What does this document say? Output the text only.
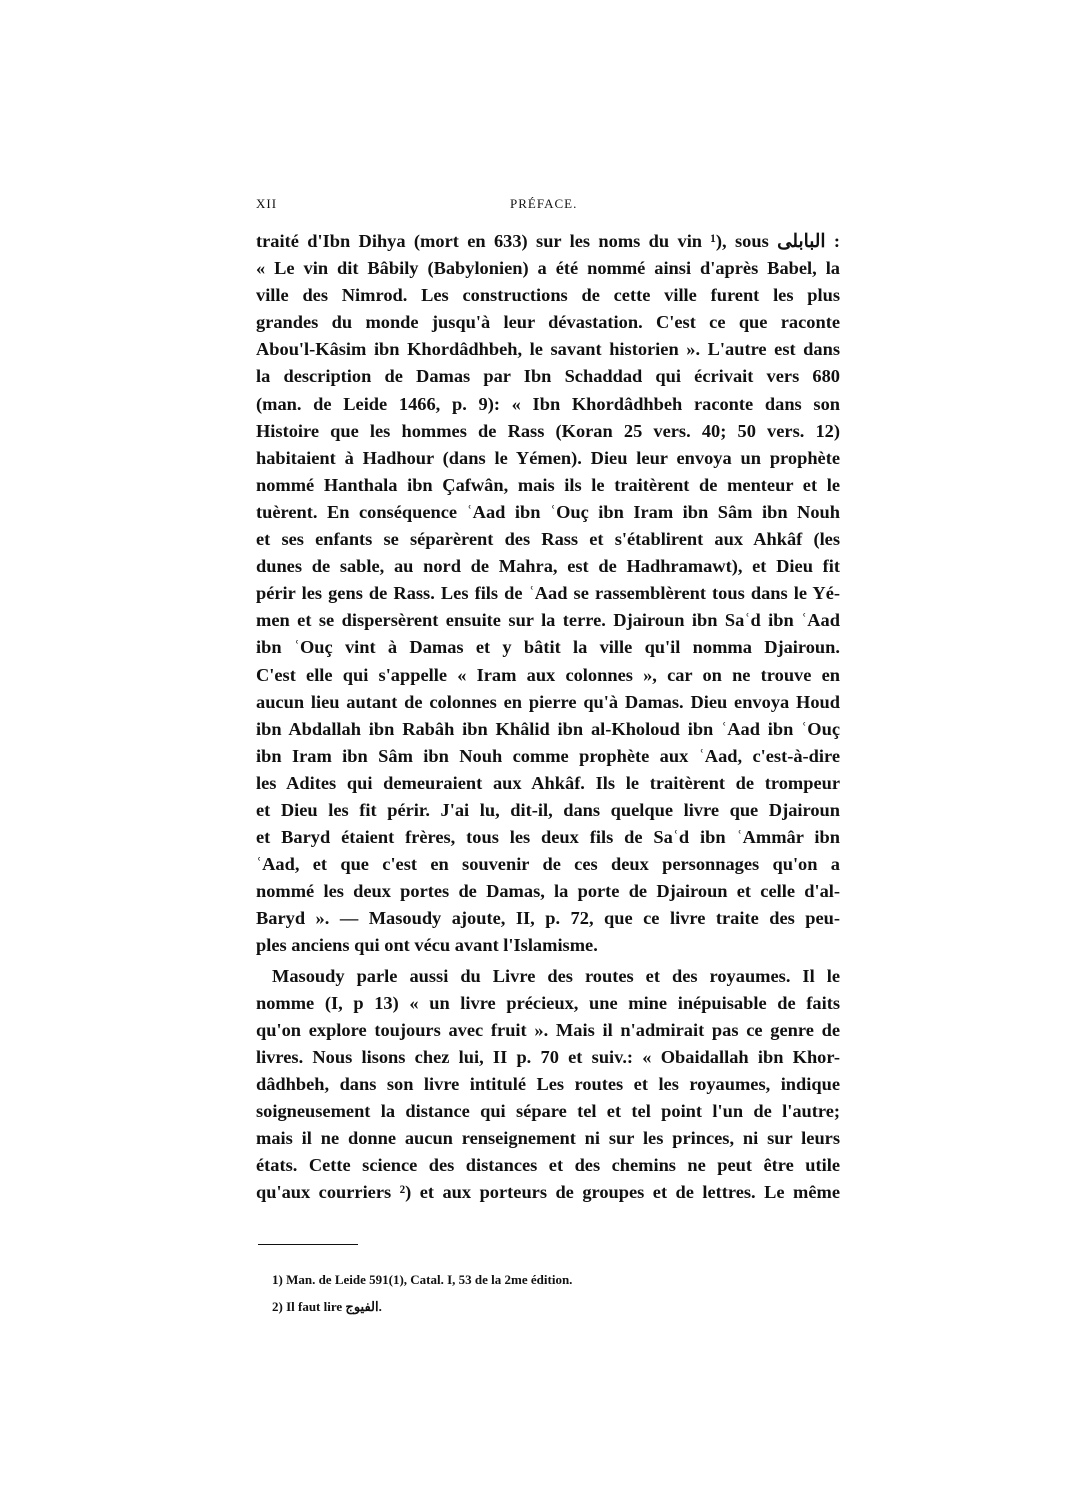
XII	PRÉFACE.
traité d'Ibn Dihya (mort en 633) sur les noms du vin ¹), sous البابلى :
« Le vin dit Bâbily (Babylonien) a été nommé ainsi d'après Babel, la
ville des Nimrod. Les constructions de cette ville furent les plus
grandes du monde jusqu'à leur dévastation. C'est ce que raconte
Abou'l-Kâsim ibn Khordâdhbeh, le savant historien ». L'autre est dans
la description de Damas par Ibn Schaddad qui écrivait vers 680
(man. de Leide 1466, p. 9): « Ibn Khordâdhbeh raconte dans son
Histoire que les hommes de Rass (Koran 25 vers. 40; 50 vers. 12)
habitaient à Hadhour (dans le Yémen). Dieu leur envoya un prophète
nommé Hanthala ibn Çafwân, mais ils le traitèrent de menteur et le
tuèrent. En conséquence ʿAad ibn ʿOuç ibn Iram ibn Sâm ibn Nouh
et ses enfants se séparèrent des Rass et s'établirent aux Ahkâf (les
dunes de sable, au nord de Mahra, est de Hadhramawt), et Dieu fit
périr les gens de Rass. Les fils de ʿAad se rassemblèrent tous dans le Yé-
men et se dispersèrent ensuite sur la terre. Djairoun ibn Saʿd ibn ʿAad
ibn ʿOuç vint à Damas et y bâtit la ville qu'il nomma Djairoun.
C'est elle qui s'appelle « Iram aux colonnes », car on ne trouve en
aucun lieu autant de colonnes en pierre qu'à Damas. Dieu envoya Houd
ibn Abdallah ibn Rabâh ibn Khâlid ibn al-Kholoud ibn ʿAad ibn ʿOuç
ibn Iram ibn Sâm ibn Nouh comme prophète aux ʿAad, c'est-à-dire
les Adites qui demeuraient aux Ahkâf. Ils le traitèrent de trompeur
et Dieu les fit périr. J'ai lu, dit-il, dans quelque livre que Djairoun
et Baryd étaient frères, tous les deux fils de Saʿd ibn ʿAmmâr ibn
ʿAad, et que c'est en souvenir de ces deux personnages qu'on a
nommé les deux portes de Damas, la porte de Djairoun et celle d'al-
Baryd ». — Masoudy ajoute, II, p. 72, que ce livre traite des peu-
ples anciens qui ont vécu avant l'Islamisme.
Masoudy parle aussi du Livre des routes et des royaumes. Il le
nomme (I, p 13) « un livre précieux, une mine inépuisable de faits
qu'on explore toujours avec fruit ». Mais il n'admirait pas ce genre de
livres. Nous lisons chez lui, II p. 70 et suiv.: « Obaidallah ibn Khor-
dâdhbeh, dans son livre intitulé Les routes et les royaumes, indique
soigneusement la distance qui sépare tel et tel point l'un de l'autre;
mais il ne donne aucun renseignement ni sur les princes, ni sur leurs
états. Cette science des distances et des chemins ne peut être utile
qu'aux courriers ²) et aux porteurs de groupes et de lettres. Le même
1) Man. de Leide 591(1), Catal. I, 53 de la 2me édition.
2) Il faut lire الفيوج.
